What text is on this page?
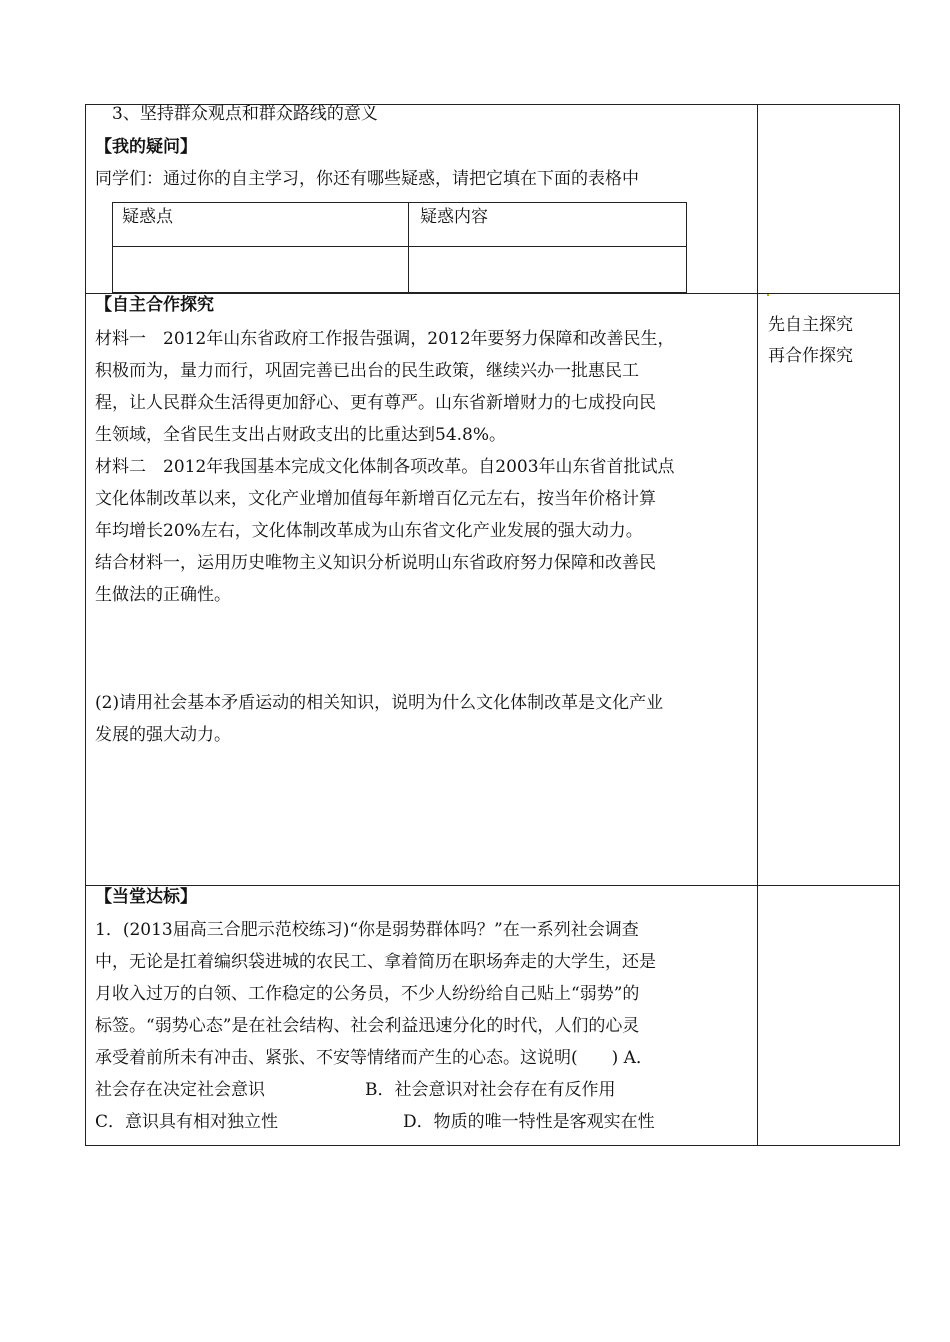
3、坚持群众观点和群众路线的意义
【我的疑问】
同学们：通过你的自主学习，你还有哪些疑惑，请把它填在下面的表格中
疑惑点	疑惑内容
【自主合作探究
材料一　2012年山东省政府工作报告强调，2012年要努力保障和改善民生，
积极而为，量力而行，巩固完善已出台的民生政策，继续兴办一批惠民工
程，让人民群众生活得更加舒心、更有尊严。山东省新增财力的七成投向民
生领域，全省民生支出占财政支出的比重达到54.8%。
材料二　2012年我国基本完成文化体制各项改革。自2003年山东省首批试点
文化体制改革以来，文化产业增加值每年新增百亿元左右，按当年价格计算
年均增长20%左右，文化体制改革成为山东省文化产业发展的强大动力。
结合材料一，运用历史唯物主义知识分析说明山东省政府努力保障和改善民
生做法的正确性。
(2)请用社会基本矛盾运动的相关知识，说明为什么文化体制改革是文化产业
发展的强大动力。
先自主探究
再合作探究
【当堂达标】
1．(2013届高三合肥示范校练习)“你是弱势群体吗？”在一系列社会调查
中，无论是扛着编织袋进城的农民工、拿着简历在职场奔走的大学生，还是
月收入过万的白领、工作稳定的公务员，不少人纷纷给自己贴上“弱势”的
标签。“弱势心态”是在社会结构、社会利益迅速分化的时代，人们的心灵
承受着前所未有冲击、紧张、不安等情绪而产生的心态。这说明(　　) A．
社会存在决定社会意识	B．社会意识对社会存在有反作用
C．意识具有相对独立性	D．物质的唯一特性是客观实在性
